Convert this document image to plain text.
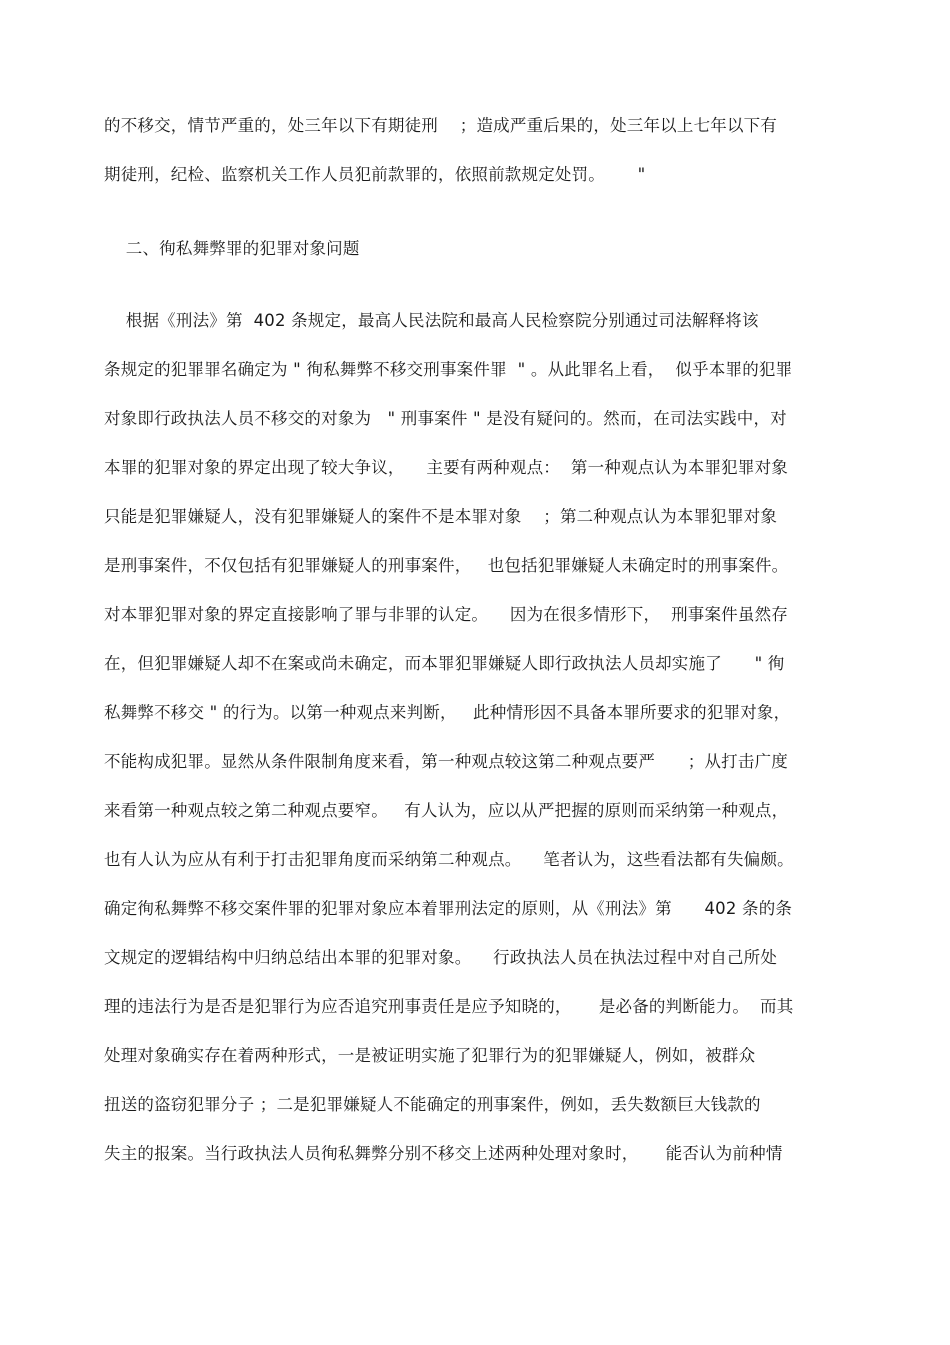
的不移交，情节严重的，处三年以下有期徒刑    ；造成严重后果的，处三年以上七年以下有
期徒刑，纪检、监察机关工作人员犯前款罪的，依照前款规定处罚。      "
二、徇私舞弊罪的犯罪对象问题
根据《刑法》第  402 条规定，最高人民法院和最高人民检察院分别通过司法解释将该
条规定的犯罪罪名确定为 " 徇私舞弊不移交刑事案件罪  " 。从此罪名上看，  似乎本罪的犯罪
对象即行政执法人员不移交的对象为   " 刑事案件 " 是没有疑问的。然而，在司法实践中，对
本罪的犯罪对象的界定出现了较大争议，    主要有两种观点：  第一种观点认为本罪犯罪对象
只能是犯罪嫌疑人，没有犯罪嫌疑人的案件不是本罪对象    ；第二种观点认为本罪犯罪对象
是刑事案件，不仅包括有犯罪嫌疑人的刑事案件，   也包括犯罪嫌疑人未确定时的刑事案件。
对本罪犯罪对象的界定直接影响了罪与非罪的认定。    因为在很多情形下，  刑事案件虽然存
在，但犯罪嫌疑人却不在案或尚未确定，而本罪犯罪嫌疑人即行政执法人员却实施了      " 徇
私舞弊不移交 " 的行为。以第一种观点来判断，   此种情形因不具备本罪所要求的犯罪对象，
不能构成犯罪。显然从条件限制角度来看，第一种观点较这第二种观点要严      ；从打击广度
来看第一种观点较之第二种观点要窄。   有人认为，应以从严把握的原则而采纳第一种观点，
也有人认为应从有利于打击犯罪角度而采纳第二种观点。    笔者认为，这些看法都有失偏颇。
确定徇私舞弊不移交案件罪的犯罪对象应本着罪刑法定的原则，从《刑法》第      402 条的条
文规定的逻辑结构中归纳总结出本罪的犯罪对象。    行政执法人员在执法过程中对自己所处
理的违法行为是否是犯罪行为应否追究刑事责任是应予知晓的，     是必备的判断能力。  而其
处理对象确实存在着两种形式，一是被证明实施了犯罪行为的犯罪嫌疑人，例如，被群众
扭送的盗窃犯罪分子 ；二是犯罪嫌疑人不能确定的刑事案件，例如，丢失数额巨大钱款的
失主的报案。当行政执法人员徇私舞弊分别不移交上述两种处理对象时，     能否认为前种情
